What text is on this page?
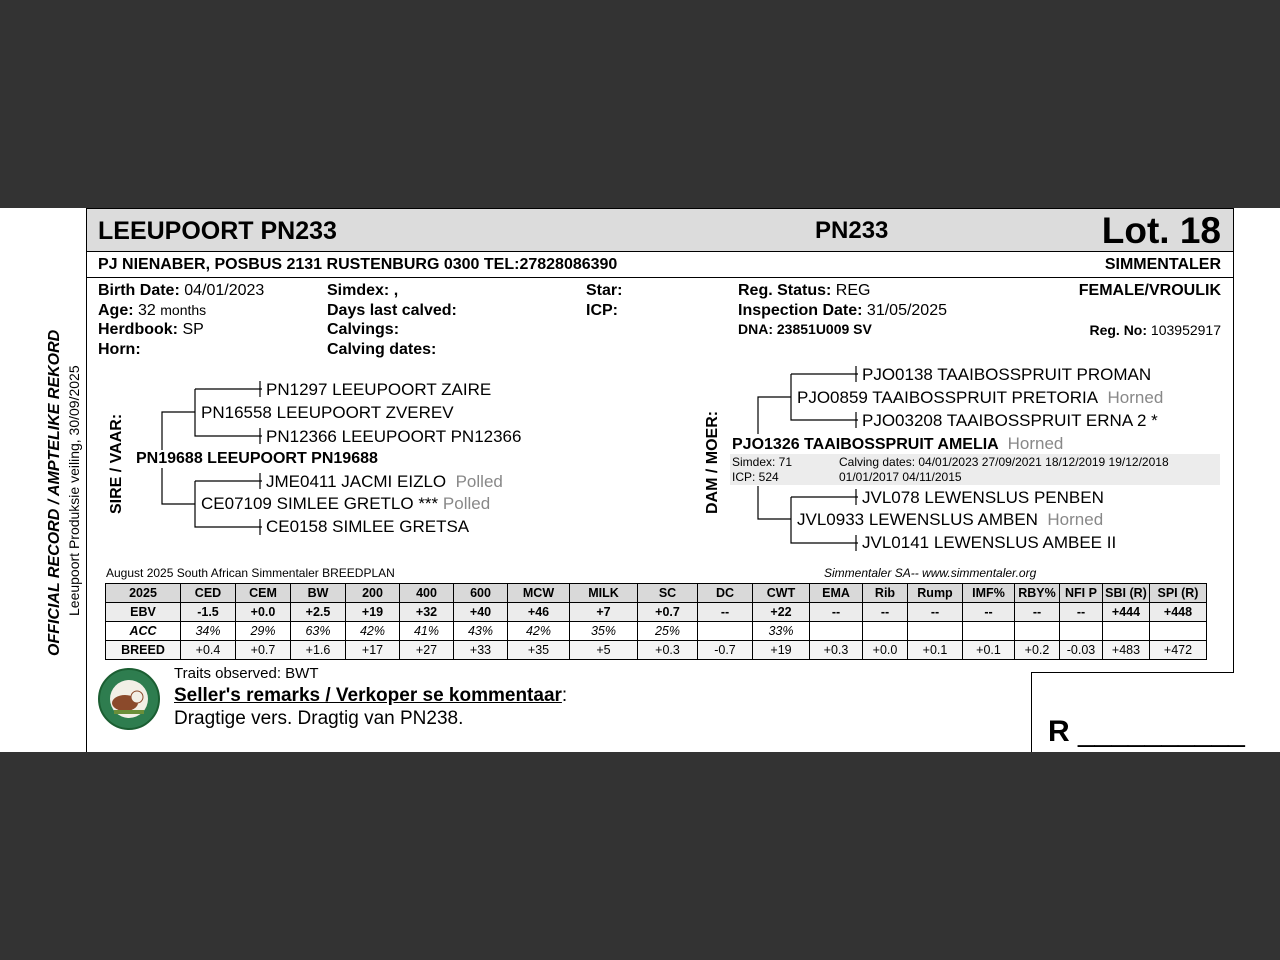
LEEUPOORT PN233	PN233	Lot. 18
PJ NIENABER, POSBUS 2131 RUSTENBURG 0300 TEL:27828086390	SIMMENTALER
Birth Date: 04/01/2023
Age: 32 months
Herdbook: SP
Horn:
Simdex: ,
Days last calved:
Calvings:
Calving dates:
Star:
ICP:
Reg. Status: REG
Inspection Date: 31/05/2025
DNA: 23851U009 SV
FEMALE/VROULIK
Reg. No: 103952917
OFFICIAL RECORD / AMPTELIKE REKORD Leeupoort Produksie veiling, 30/09/2025 SIRE / VAAR:	DAM / MOER:
PN1297 LEEUPOORT ZAIRE
PN16558 LEEUPOORT ZVEREV
PN12366 LEEUPOORT PN12366
PN19688 LEEUPOORT PN19688
JME0411 JACMI EIZLO Polled
CE07109 SIMLEE GRETLO *** Polled
CE0158 SIMLEE GRETSA
PJO0138 TAAIBOSSPRUIT PROMAN
PJO0859 TAAIBOSSPRUIT PRETORIA Horned
PJO03208 TAAIBOSSPRUIT ERNA 2 *
PJO1326 TAAIBOSSPRUIT AMELIA Horned
Simdex: 71
ICP: 524
Calving dates: 04/01/2023 27/09/2021 18/12/2019 19/12/2018
01/01/2017 04/11/2015
JVL078 LEWENSLUS PENBEN
JVL0933 LEWENSLUS AMBEN Horned
JVL0141 LEWENSLUS AMBEE II
August 2025 South African Simmentaler BREEDPLAN	Simmentaler SA-- www.simmentaler.org
2025	CED	CEM	BW	200	400	600	MCW	MILK	SC	DC	CWT	EMA	Rib	Rump	IMF%	RBY%	NFI P	SBI (R)	SPI (R)
EBV	-1.5	+0.0	+2.5	+19	+32	+40	+46	+7	+0.7	--	+22	--	--	--	--	--	--	+444	+448
ACC	34%	29%	63%	42%	41%	43%	42%	35%	25%		33%								
BREED	+0.4	+0.7	+1.6	+17	+27	+33	+35	+5	+0.3	-0.7	+19	+0.3	+0.0	+0.1	+0.1	+0.2	-0.03	+483	+472
Traits observed: BWT
Seller's remarks / Verkoper se kommentaar:
Dragtige vers. Dragtig van PN238.	R __________
